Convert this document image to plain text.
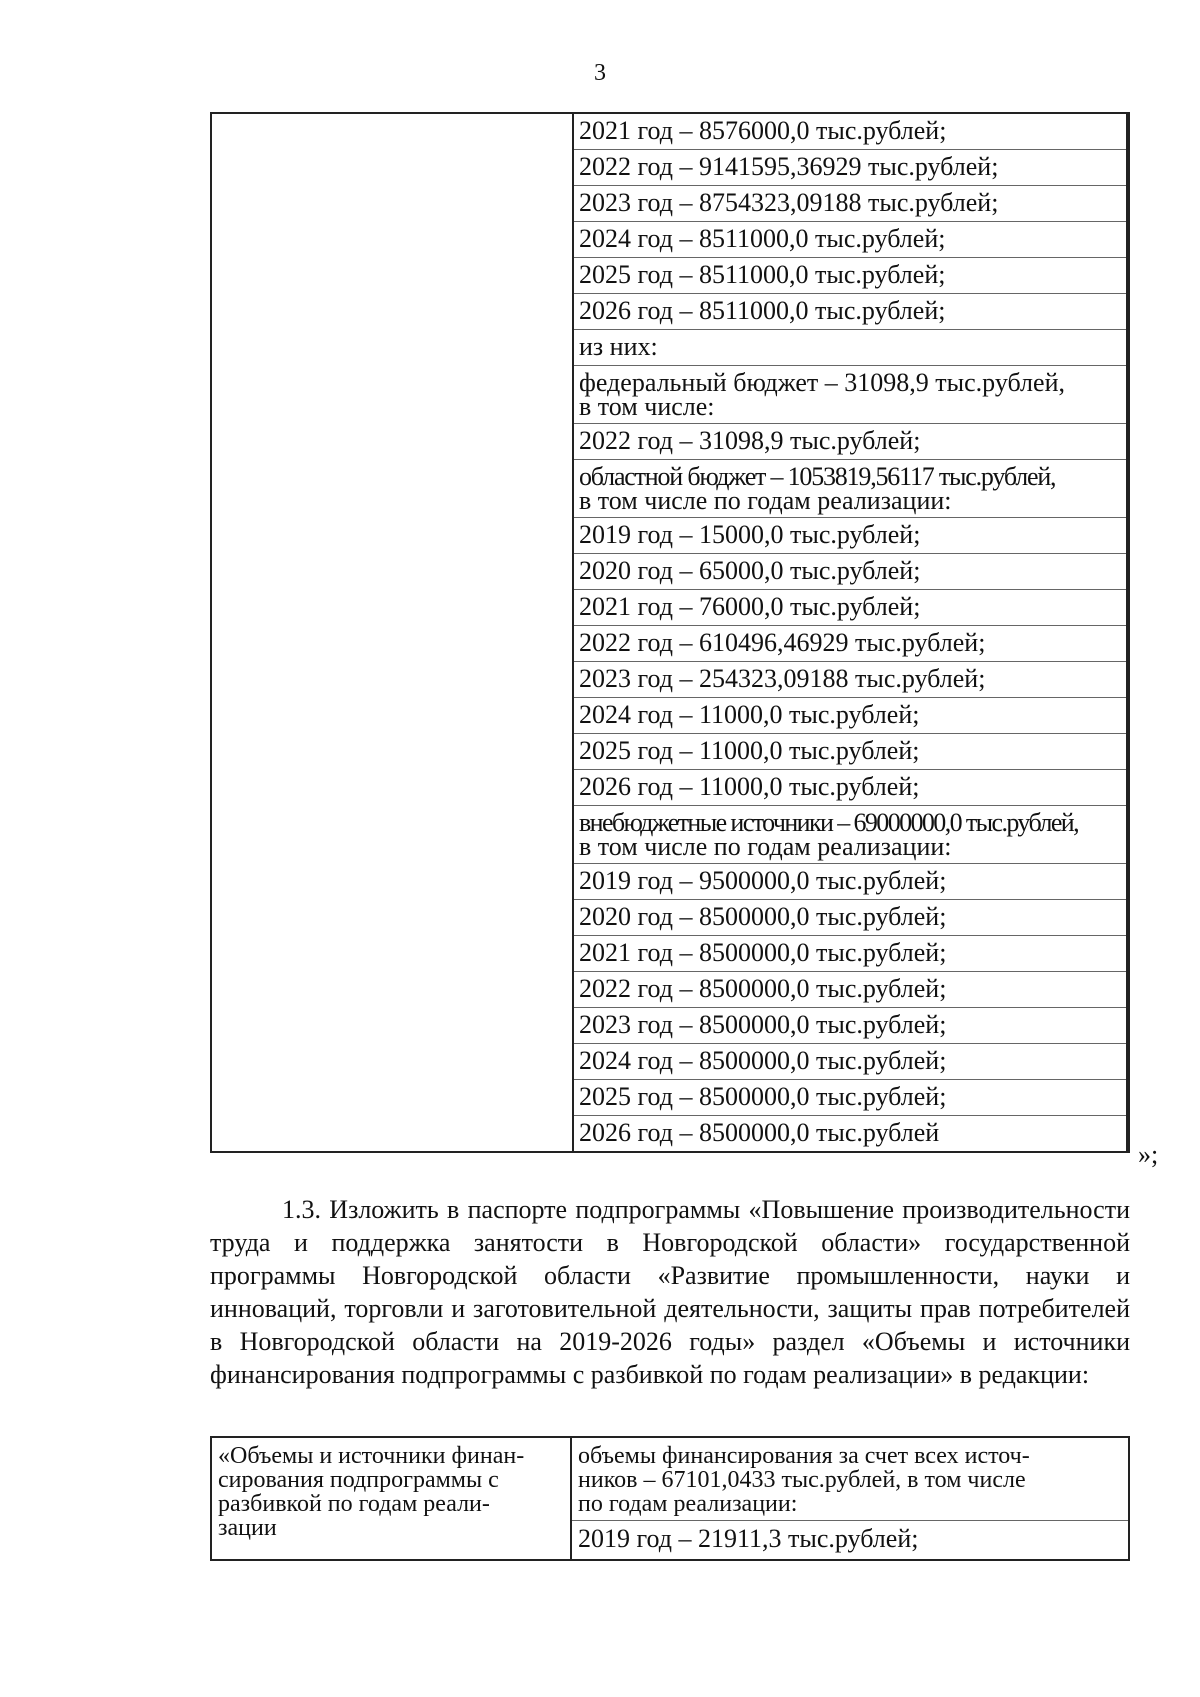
3
2021 год – 8576000,0 тыс.рублей;
2022 год – 9141595,36929 тыс.рублей;
2023 год – 8754323,09188 тыс.рублей;
2024 год – 8511000,0 тыс.рублей;
2025 год – 8511000,0 тыс.рублей;
2026 год – 8511000,0 тыс.рублей;
из них:
федеральный бюджет – 31098,9 тыс.рублей,
в том числе:
2022 год – 31098,9 тыс.рублей;
областной бюджет – 1053819,56117 тыс.рублей,
в том числе по годам реализации:
2019 год – 15000,0 тыс.рублей;
2020 год – 65000,0 тыс.рублей;
2021 год – 76000,0 тыс.рублей;
2022 год – 610496,46929 тыс.рублей;
2023 год – 254323,09188 тыс.рублей;
2024 год – 11000,0 тыс.рублей;
2025 год – 11000,0 тыс.рублей;
2026 год – 11000,0 тыс.рублей;
внебюджетные источники – 69000000,0 тыс.рублей,
в том числе по годам реализации:
2019 год – 9500000,0 тыс.рублей;
2020 год – 8500000,0 тыс.рублей;
2021 год – 8500000,0 тыс.рублей;
2022 год – 8500000,0 тыс.рублей;
2023 год – 8500000,0 тыс.рублей;
2024 год – 8500000,0 тыс.рублей;
2025 год – 8500000,0 тыс.рублей;
2026 год – 8500000,0 тыс.рублей
»;
1.3. Изложить в паспорте подпрограммы «Повышение производительности труда и поддержка занятости в Новгородской области» государственной программы Новгородской области «Развитие промышленности, науки и инноваций, торговли и заготовительной деятельности, защиты прав потребителей в Новгородской области на 2019-2026 годы» раздел «Объемы и источники финансирования подпрограммы с разбивкой по годам реализации» в редакции:
«Объемы и источники финан-
сирования подпрограммы с
разбивкой по годам реали-
зации
объемы финансирования за счет всех источ-
ников – 67101,0433 тыс.рублей, в том числе
по годам реализации:
2019 год – 21911,3 тыс.рублей;
